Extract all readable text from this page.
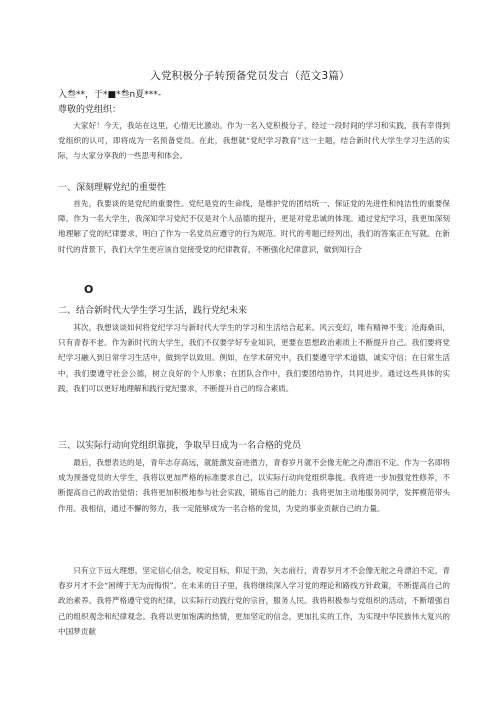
入党积极分子转预备党员发言（范文3篇）
入叁**，于*■*叁n夏***-
尊敬的党组织：

大家好！今天，我站在这里，心情无比激动。作为一名入党积极分子，经过一段时间的学习和实践，我有幸得到党组织的认可，即将成为一名预备党员。在此，我想就“党纪学习教育”这一主题，结合新时代大学生学习生活的实际，与大家分享我的一些思考和体会。

一、深刻理解党纪的重要性

首先，我要谈的是党纪的重要性。党纪是党的生命线，是维护党的团结统一、保证党的先进性和纯洁性的重要保障。作为一名大学生，我深知学习党纪不仅是对个人品德的提升，更是对党忠诚的体现。通过党纪学习，我更加深刻地理解了党的纪律要求，明白了作为一名党员应遵守的行为规范。时代的考题已经列出，我们的答案正在写就。在新时代的背景下，我们大学生更应该自觉接受党的纪律教育，不断强化纪律意识，做到知行合

O
二、结合新时代大学生学习生活，践行党纪未来

其次，我想谈谈如何将党纪学习与新时代大学生的学习和生活结合起来。风云变幻，唯有精神不变；沧海桑田，只有青春不老。作为新时代的大学生，我们不仅要学好专业知识，更要在思想政治素质上不断提升自己。我们要将党纪学习融入到日常学习生活中，做到学以致用。例如，在学术研究中，我们要遵守学术道德，诚实守信；在日常生活中，我们要遵守社会公德，树立良好的个人形象；在团队合作中，我们要团结协作，共同进步。通过这些具体的实践，我们可以更好地理解和践行党纪要求，不断提升自己的综合素质。

三、以实际行动向党组织靠拢，争取早日成为一名合格的党员

最后，我想表达的是，青年志存高远，就能激发奋进潜力，青春岁月就不会像无舵之舟漂泊不定。作为一名即将成为预备党员的大学生，我将以更加严格的标准要求自己，以实际行动向党组织靠拢。我将进一步加强党性修养，不断提高自己的政治觉悟；我将更加积极地参与社会实践，锻炼自己的能力；我将更加主动地服务同学，发挥模范带头作用。我相信，通过不懈的努力，我一定能够成为一名合格的党员，为党的事业贡献自己的力量。

只有立下远大理想，坚定信心信念，咬定目标，仰足干劲，矢志前行，青春岁月才不会像无舵之舟漂泊不定，青春岁月才不会“困缚于无为而悔恨”。在未来的日子里，我将继续深入学习党的理论和路线方针政策，不断提高自己的政治素养。我将严格遵守党的纪律，以实际行动践行党的宗旨，服务人民。我将积极参与党组织的活动，不断增强自己的组织观念和纪律观念。我将以更加饱满的热情，更加坚定的信念，更加扎实的工作，为实现中华民族伟大复兴的中国梦贡献
